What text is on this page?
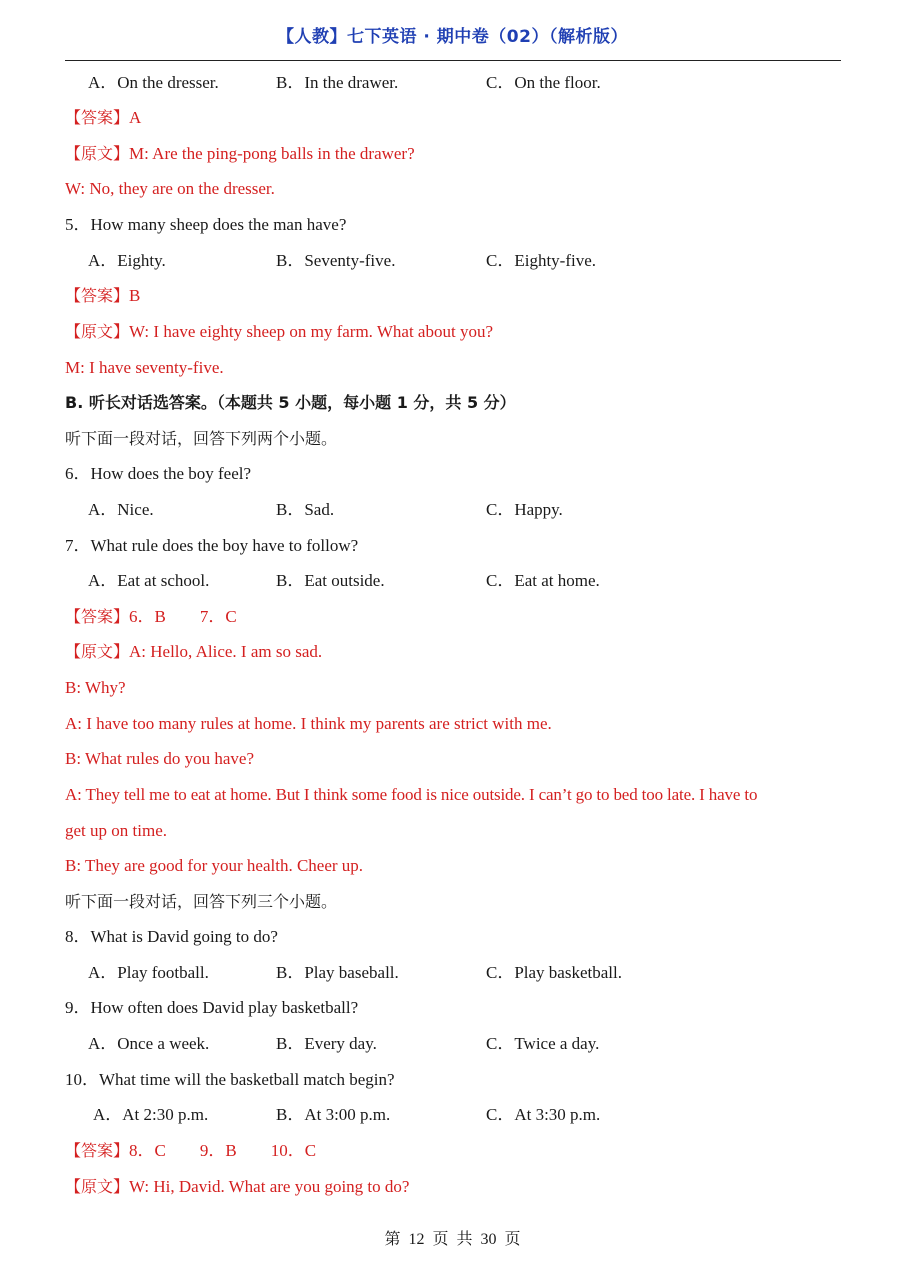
【人教】七下英语 · 期中卷（02）（解析版）
A．On the dresser.	B．In the drawer.	C．On the floor.
【答案】A
【原文】M: Are the ping-pong balls in the drawer?
W: No, they are on the dresser.
5．How many sheep does the man have?
A．Eighty.	B．Seventy-five.	C．Eighty-five.
【答案】B
【原文】W: I have eighty sheep on my farm. What about you?
M: I have seventy-five.
B. 听长对话选答案。（本题共 5 小题，每小题 1 分，共 5 分）
听下面一段对话，回答下列两个小题。
6．How does the boy feel?
A．Nice.	B．Sad.	C．Happy.
7．What rule does the boy have to follow?
A．Eat at school.	B．Eat outside.	C．Eat at home.
【答案】6．B　　7．C
【原文】A: Hello, Alice. I am so sad.
B: Why?
A: I have too many rules at home. I think my parents are strict with me.
B: What rules do you have?
A: They tell me to eat at home. But I think some food is nice outside. I can’t go to bed too late. I have to
get up on time.
B: They are good for your health. Cheer up.
听下面一段对话，回答下列三个小题。
8．What is David going to do?
A．Play football.	B．Play baseball.	C．Play basketball.
9．How often does David play basketball?
A．Once a week.	B．Every day.	C．Twice a day.
10．What time will the basketball match begin?
A．At 2:30 p.m.	B．At 3:00 p.m.	C．At 3:30 p.m.
【答案】8．C　　9．B　　10．C
【原文】W: Hi, David. What are you going to do?
第 12 页 共 30 页
